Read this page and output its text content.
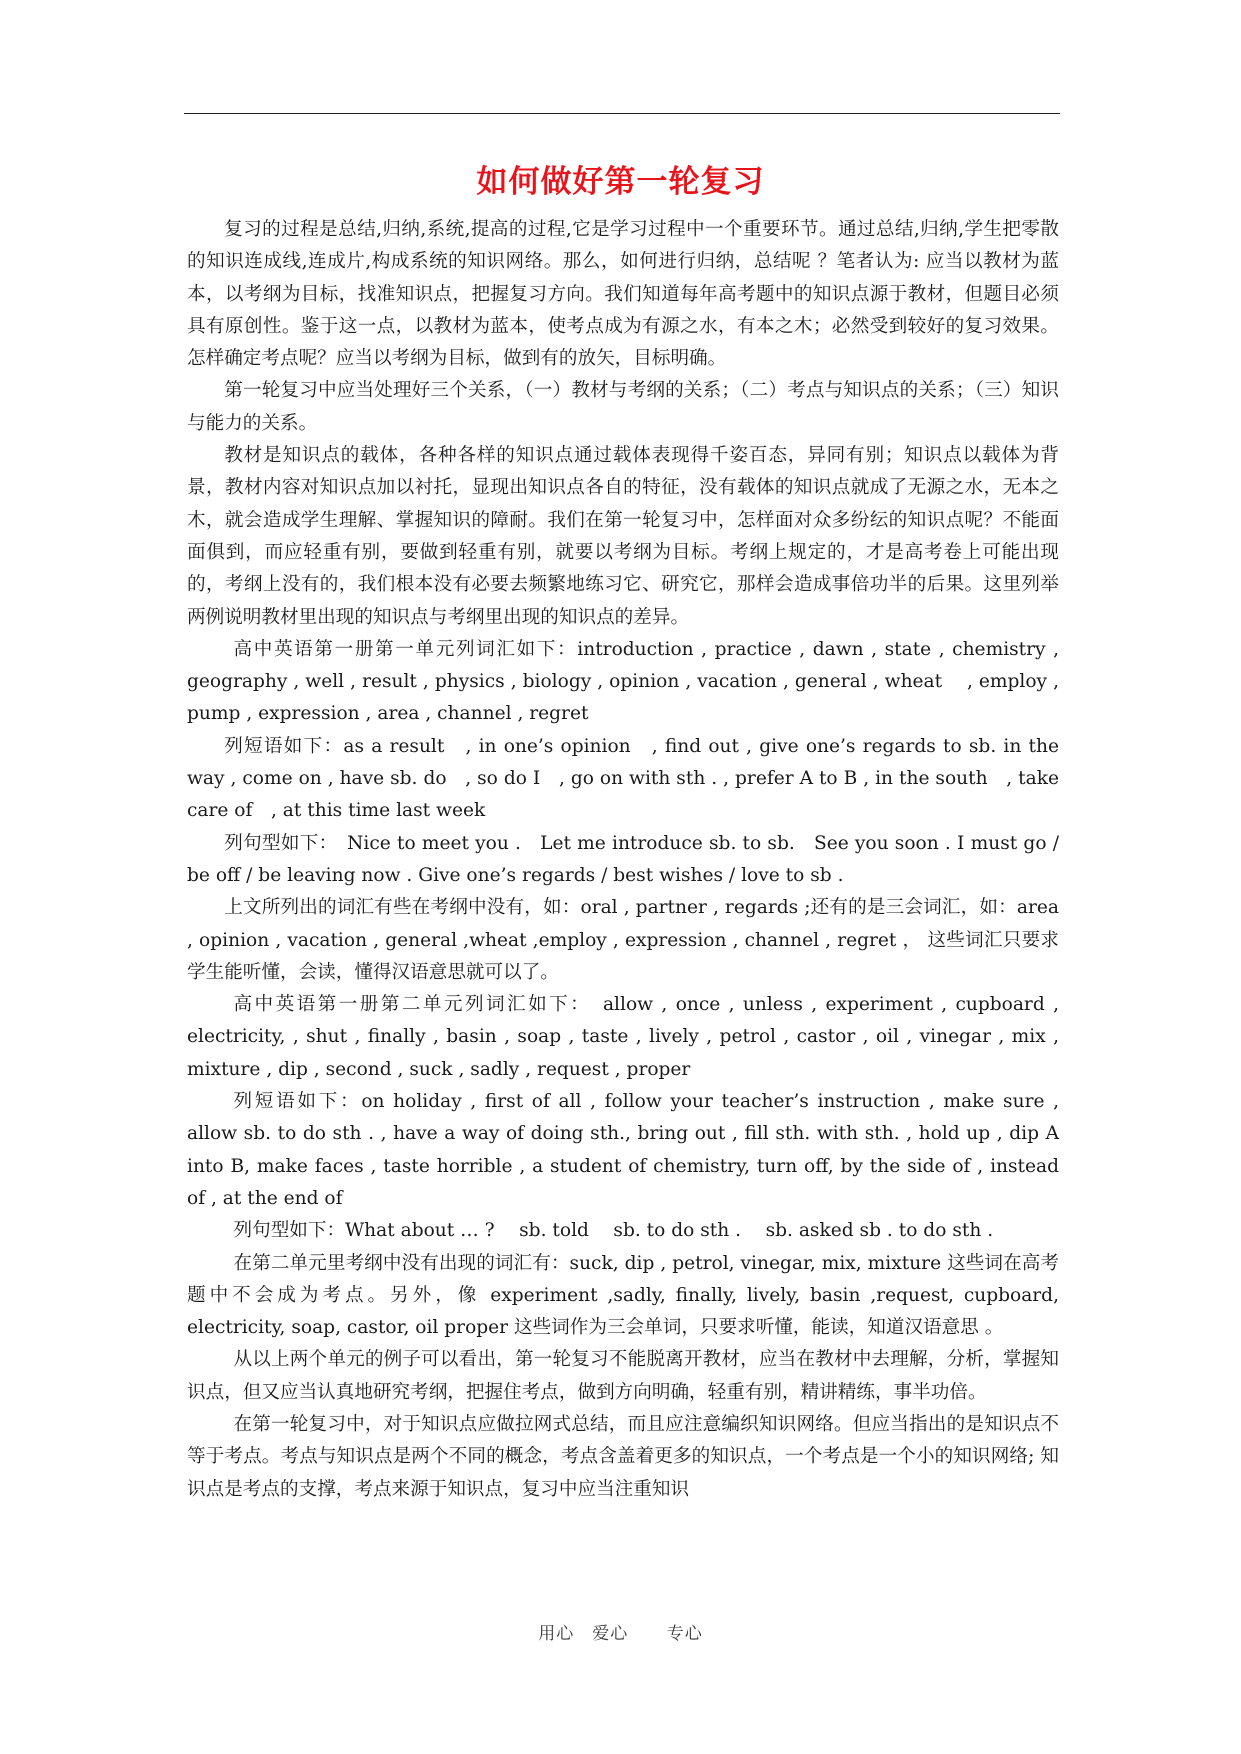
如何做好第一轮复习

复习的过程是总结,归纳,系统,提高的过程,它是学习过程中一个重要环节。通过总结,归纳,学生把零散的知识连成线,连成片,构成系统的知识网络。那么，如何进行归纳，总结呢 ？笔者认为: 应当以教材为蓝本，以考纲为目标，找准知识点，把握复习方向。我们知道每年高考题中的知识点源于教材，但题目必须具有原创性。鉴于这一点，以教材为蓝本，使考点成为有源之水，有本之木；必然受到较好的复习效果。怎样确定考点呢？应当以考纲为目标，做到有的放矢，目标明确。

第一轮复习中应当处理好三个关系，（一）教材与考纲的关系；（二）考点与知识点的关系；（三）知识与能力的关系。

教材是知识点的载体，各种各样的知识点通过载体表现得千姿百态，异同有别；知识点以载体为背景，教材内容对知识点加以衬托，显现出知识点各自的特征，没有载体的知识点就成了无源之水，无本之木，就会造成学生理解、掌握知识的障耐。我们在第一轮复习中，怎样面对众多纷纭的知识点呢？不能面面俱到，而应轻重有别，要做到轻重有别，就要以考纲为目标。考纲上规定的，才是高考卷上可能出现的，考纲上没有的，我们根本没有必要去频繁地练习它、研究它，那样会造成事倍功半的后果。这里列举两例说明教材里出现的知识点与考纲里出现的知识点的差异。

高中英语第一册第一单元列词汇如下：introduction , practice , dawn , state , chemistry , geography , well , result , physics , biology , opinion , vacation , general , wheat　 , employ , pump , expression , area , channel , regret

列短语如下：as a result　, in one’s opinion　, find out , give one’s regards to sb. in the way , come on , have sb. do　, so do I　, go on with sth . , prefer A to B , in the south　, take care of　, at this time last week

列句型如下：　Nice to meet you .　Let me introduce sb. to sb.　See you soon . I must go / be off / be leaving now . Give one’s regards / best wishes / love to sb .

上文所列出的词汇有些在考纲中没有，如：oral , partner , regards ;还有的是三会词汇，如：area , opinion , vacation , general ,wheat ,employ , expression , channel , regret ， 这些词汇只要求学生能听懂，会读，懂得汉语意思就可以了。

高中英语第一册第二单元列词汇如下：　allow , once , unless , experiment , cupboard , electricity, , shut , finally , basin , soap , taste , lively , petrol , castor , oil , vinegar , mix , mixture , dip , second , suck , sadly , request , proper

列短语如下：on holiday , first of all , follow your teacher’s instruction , make sure , allow sb. to do sth . , have a way of doing sth., bring out , fill sth. with sth. , hold up , dip A into B, make faces , taste horrible , a student of chemistry, turn off, by the side of , instead of , at the end of

列句型如下：What about … ?　 sb. told　 sb. to do sth .　 sb. asked sb . to do sth .

在第二单元里考纲中没有出现的词汇有：suck, dip , petrol, vinegar, mix, mixture 这些词在高考题中不会成为考点。另外，像 experiment ,sadly, finally, lively, basin ,request, cupboard, electricity, soap, castor, oil proper 这些词作为三会单词，只要求听懂，能读，知道汉语意思 。

从以上两个单元的例子可以看出，第一轮复习不能脱离开教材，应当在教材中去理解，分析，掌握知识点，但又应当认真地研究考纲，把握住考点，做到方向明确，轻重有别，精讲精练，事半功倍。

在第一轮复习中，对于知识点应做拉网式总结，而且应注意编织知识网络。但应当指出的是知识点不等于考点。考点与知识点是两个不同的概念，考点含盖着更多的知识点，一个考点是一个小的知识网络; 知识点是考点的支撑，考点来源于知识点，复习中应当注重知识

用心　爱心　 专心
